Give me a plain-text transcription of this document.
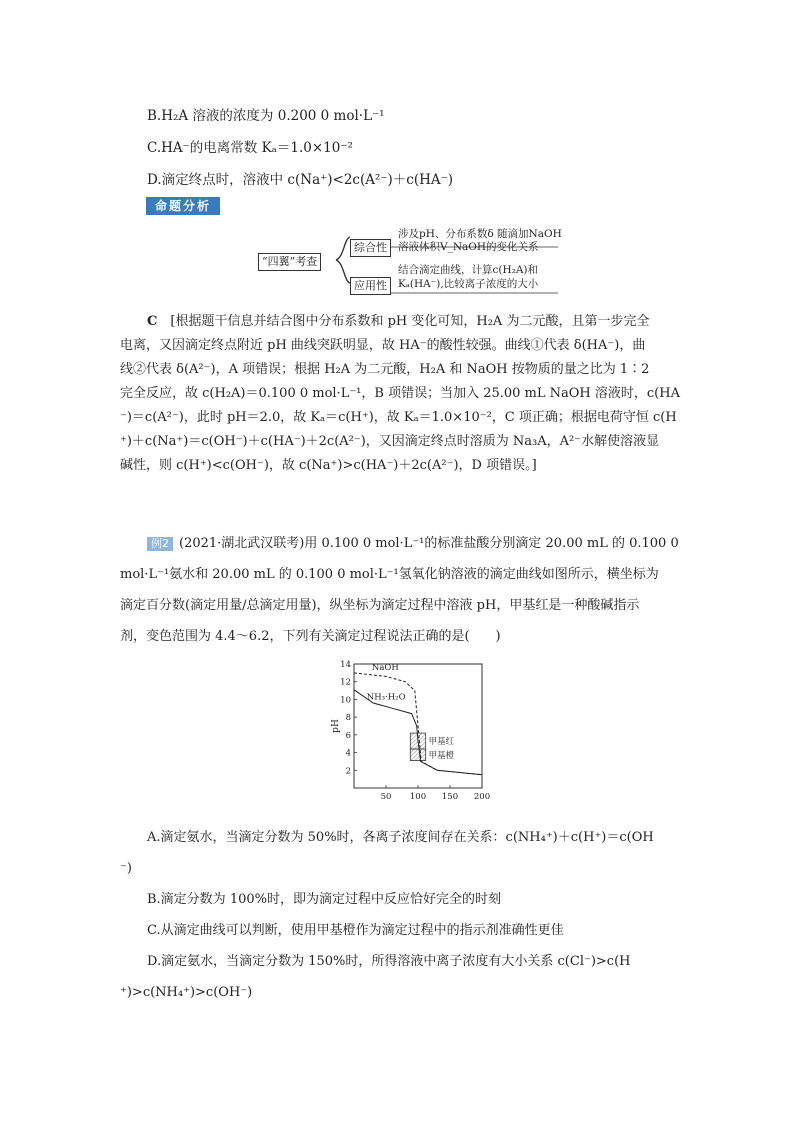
B.H₂A 溶液的浓度为 0.200 0 mol·L⁻¹
C.HA⁻的电离常数 Kₐ＝1.0×10⁻²
D.滴定终点时，溶液中 c(Na⁺)<2c(A²⁻)＋c(HA⁻)
命题分析
“四翼”考查
综合性
应用性
涉及pH、分布系数δ 随滴加NaOH
溶液体积V_NaOH的变化关系
结合滴定曲线，计算c(H₂A)和
Kₐ(HA⁻),比较离子浓度的大小
C　 [根据题干信息并结合图中分布系数和 pH 变化可知，H₂A 为二元酸，且第一步完全
电离，又因滴定终点附近 pH 曲线突跃明显，故 HA⁻的酸性较强。曲线①代表 δ(HA⁻)，曲
线②代表 δ(A²⁻)，A 项错误；根据 H₂A 为二元酸，H₂A 和 NaOH 按物质的量之比为 1∶2
完全反应，故 c(H₂A)＝0.100 0 mol·L⁻¹，B 项错误；当加入 25.00 mL NaOH 溶液时，c(HA
⁻)＝c(A²⁻)，此时 pH＝2.0，故 Kₐ＝c(H⁺)，故 Kₐ＝1.0×10⁻²，C 项正确；根据电荷守恒 c(H
⁺)＋c(Na⁺)＝c(OH⁻)＋c(HA⁻)＋2c(A²⁻)，又因滴定终点时溶质为 Na₃A，A²⁻水解使溶液显
碱性，则 c(H⁺)<c(OH⁻)，故 c(Na⁺)>c(HA⁻)＋2c(A²⁻)，D 项错误。]
例2 (2021·湖北武汉联考)用 0.100 0 mol·L⁻¹的标准盐酸分别滴定 20.00 mL 的 0.100 0
mol·L⁻¹氨水和 20.00 mL 的 0.100 0 mol·L⁻¹氢氧化钠溶液的滴定曲线如图所示，横坐标为
滴定百分数(滴定用量/总滴定用量)，纵坐标为滴定过程中溶液 pH，甲基红是一种酸碱指示
剂，变色范围为 4.4～6.2，下列有关滴定过程说法正确的是(　　)
甲基红
甲基橙
NaOH
NH₃·H₂O
50 100 150 200
2
4
6
8
10
12
14
pH
A.滴定氨水，当滴定分数为 50%时，各离子浓度间存在关系：c(NH₄⁺)＋c(H⁺)＝c(OH
⁻)
B.滴定分数为 100%时，即为滴定过程中反应恰好完全的时刻
C.从滴定曲线可以判断，使用甲基橙作为滴定过程中的指示剂准确性更佳
D.滴定氨水，当滴定分数为 150%时，所得溶液中离子浓度有大小关系 c(Cl⁻)>c(H
⁺)>c(NH₄⁺)>c(OH⁻)
